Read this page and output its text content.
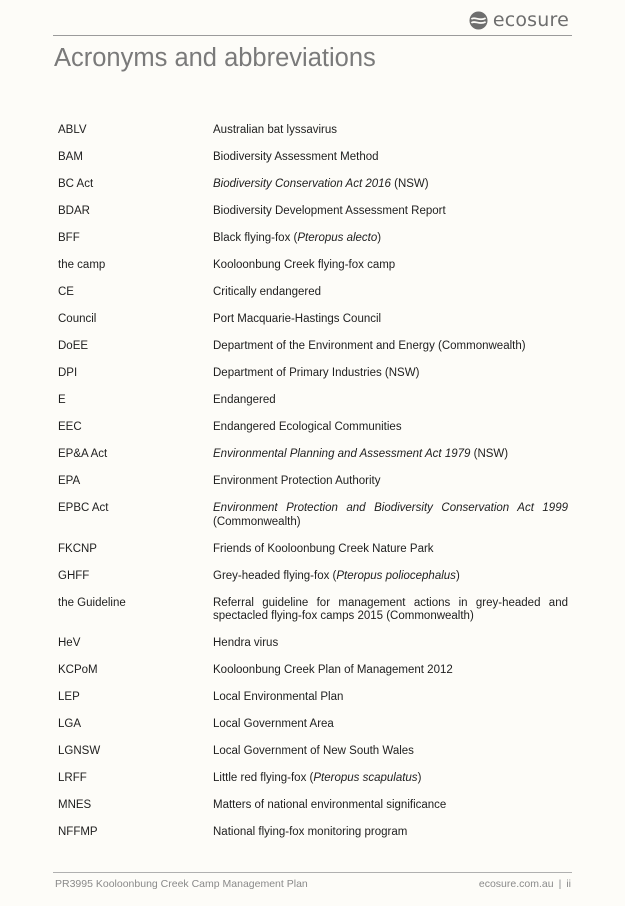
ecosure
Acronyms and abbreviations
ABLV	Australian bat lyssavirus
BAM	Biodiversity Assessment Method
BC Act	Biodiversity Conservation Act 2016 (NSW)
BDAR	Biodiversity Development Assessment Report
BFF	Black flying-fox (Pteropus alecto)
the camp	Kooloonbung Creek flying-fox camp
CE	Critically endangered
Council	Port Macquarie-Hastings Council
DoEE	Department of the Environment and Energy (Commonwealth)
DPI	Department of Primary Industries (NSW)
E	Endangered
EEC	Endangered Ecological Communities
EP&A Act	Environmental Planning and Assessment Act 1979 (NSW)
EPA	Environment Protection Authority
EPBC Act	Environment Protection and Biodiversity Conservation Act 1999 (Commonwealth)
FKCNP	Friends of Kooloonbung Creek Nature Park
GHFF	Grey-headed flying-fox (Pteropus poliocephalus)
the Guideline	Referral guideline for management actions in grey-headed and spectacled flying-fox camps 2015 (Commonwealth)
HeV	Hendra virus
KCPoM	Kooloonbung Creek Plan of Management 2012
LEP	Local Environmental Plan
LGA	Local Government Area
LGNSW	Local Government of New South Wales
LRFF	Little red flying-fox (Pteropus scapulatus)
MNES	Matters of national environmental significance
NFFMP	National flying-fox monitoring program
PR3995 Kooloonbung Creek Camp Management Plan	ecosure.com.au | ii
